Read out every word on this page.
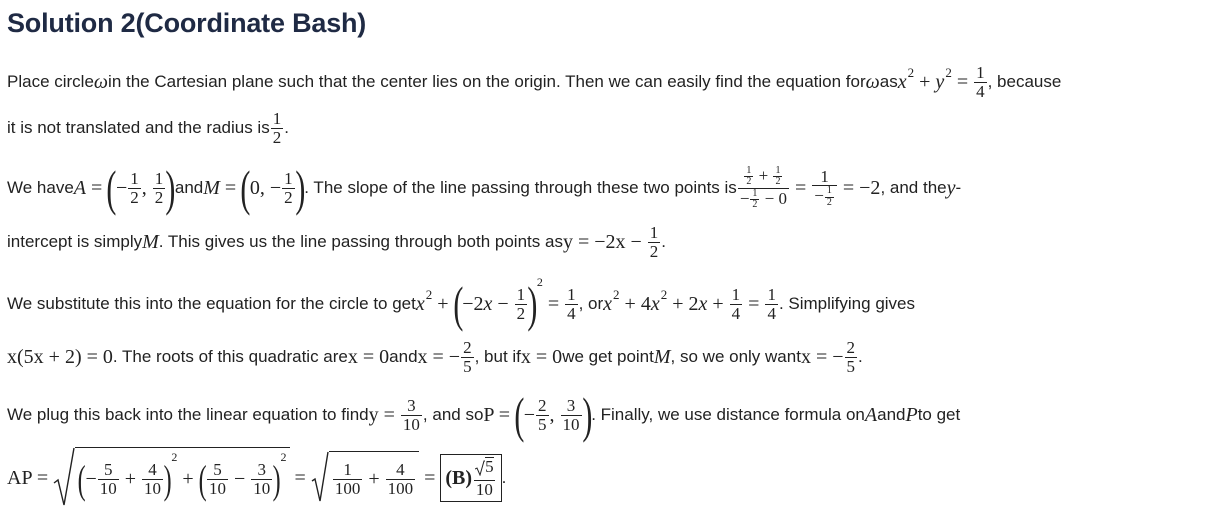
Solution 2(Coordinate Bash)
Place circle ω in the Cartesian plane such that the center lies on the origin. Then we can easily find the equation for ω as $x^2 + y^2 = 1$
4 , because
it is not translated and the radius is 1
2 .
We have A = ( − 1
2 , 1
2 ) and M = ( 0, − 1
2 ) . The slope of the line passing through these two points is $\frac{1}{2} + \frac{1}{2}$
− $\frac{1}{2} - 0 = \frac{1}{- \frac{1}{2}}$
= −2 , and the y -
intercept is simply M . This gives us the line passing through both points as y = −2x −
$\frac{1}{2}$ .
We substitute this into the equation for the circle to get $x^2$ + ( −2 x − 1
2 )$^2$
= 1
4 , or $x^2 + 4$ $x^2 + 2$ x + 1
4 = 1
4 . Simplifying gives
x(5x + 2) = 0 . The roots of this quadratic are x = 0 and x = − $\frac{2}{5}$ , but if x = 0 we get point M , so we only want x = − $\frac{2}{5}$ .
We plug this back into the linear equation to find y =
$\frac{3}{10}$ , and so P =
( − 2
5 , 3
10 ) . Finally, we use distance formula on A and P to get
AP =
( − 5
10 + 4
10 )$^2$
+ ( 5
10 − 3
10 )$^2$
= 1
100 + 4
100 = (B) 5
10
.
